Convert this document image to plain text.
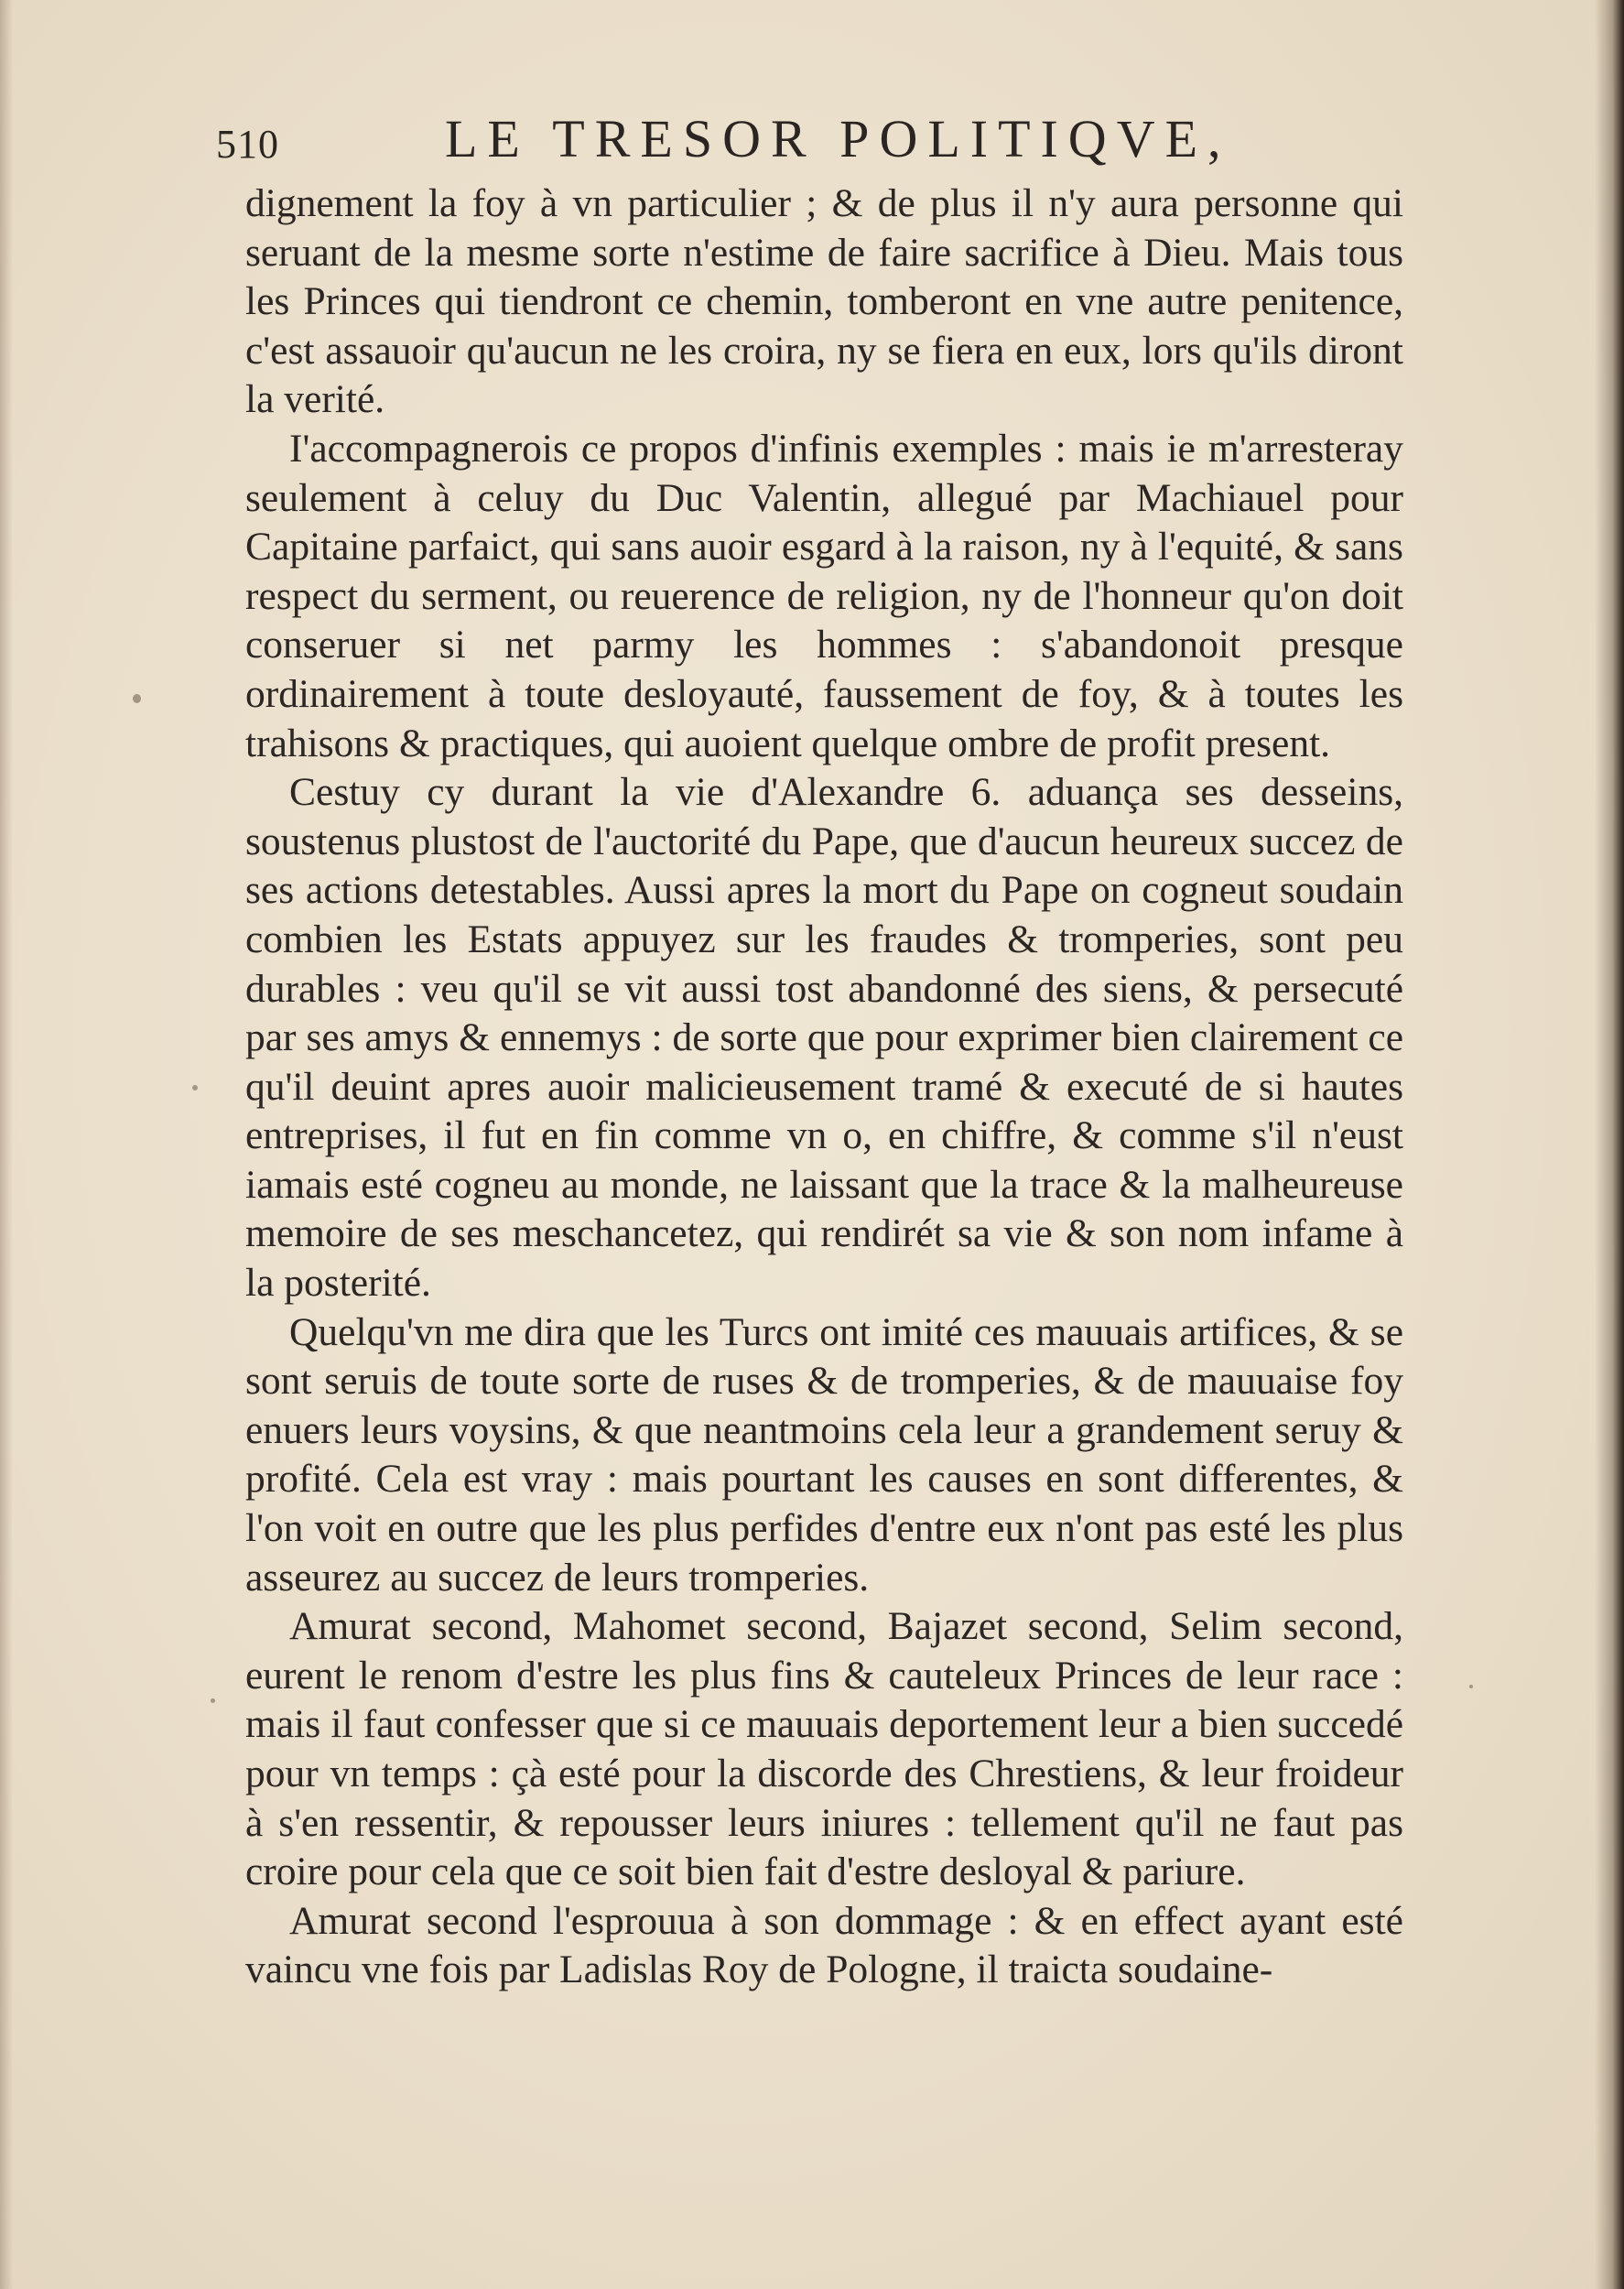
510	LE TRESOR POLITIQVE,

dignement la foy à vn particulier ; & de plus il n'y aura personne qui seruant de la mesme sorte n'estime de faire sacrifice à Dieu. Mais tous les Princes qui tiendront ce chemin, tomberont en vne autre penitence, c'est assauoir qu'aucun ne les croira, ny se fiera en eux, lors qu'ils diront la verité.

I'accompagnerois ce propos d'infinis exemples : mais ie m'arresteray seulement à celuy du Duc Valentin, allegué par Machiauel pour Capitaine parfaict, qui sans auoir esgard à la raison, ny à l'equité, & sans respect du serment, ou reuerence de religion, ny de l'honneur qu'on doit conseruer si net parmy les hommes : s'abandonoit presque ordinairement à toute desloyauté, faussement de foy, & à toutes les trahisons & practiques, qui auoient quelque ombre de profit present.

Cestuy cy durant la vie d'Alexandre 6. aduança ses desseins, soustenus plustost de l'auctorité du Pape, que d'aucun heureux succez de ses actions detestables. Aussi apres la mort du Pape on cogneut soudain combien les Estats appuyez sur les fraudes & tromperies, sont peu durables : veu qu'il se vit aussi tost abandonné des siens, & persecuté par ses amys & ennemys : de sorte que pour exprimer bien clairement ce qu'il deuint apres auoir malicieusement tramé & executé de si hautes entreprises, il fut en fin comme vn o, en chiffre, & comme s'il n'eust iamais esté cogneu au monde, ne laissant que la trace & la malheureuse memoire de ses meschancetez, qui rendirét sa vie & son nom infame à la posterité.

Quelqu'vn me dira que les Turcs ont imité ces mauuais artifices, & se sont seruis de toute sorte de ruses & de tromperies, & de mauuaise foy enuers leurs voysins, & que neantmoins cela leur a grandement seruy & profité. Cela est vray : mais pourtant les causes en sont differentes, & l'on voit en outre que les plus perfides d'entre eux n'ont pas esté les plus asseurez au succez de leurs tromperies.

Amurat second, Mahomet second, Bajazet second, Selim second, eurent le renom d'estre les plus fins & cauteleux Princes de leur race : mais il faut confesser que si ce mauuais deportement leur a bien succedé pour vn temps : çà esté pour la discorde des Chrestiens, & leur froideur à s'en ressentir, & repousser leurs iniures : tellement qu'il ne faut pas croire pour cela que ce soit bien fait d'estre desloyal & pariure.

Amurat second l'esprouua à son dommage : & en effect ayant esté vaincu vne fois par Ladislas Roy de Pologne, il traicta soudaine-
